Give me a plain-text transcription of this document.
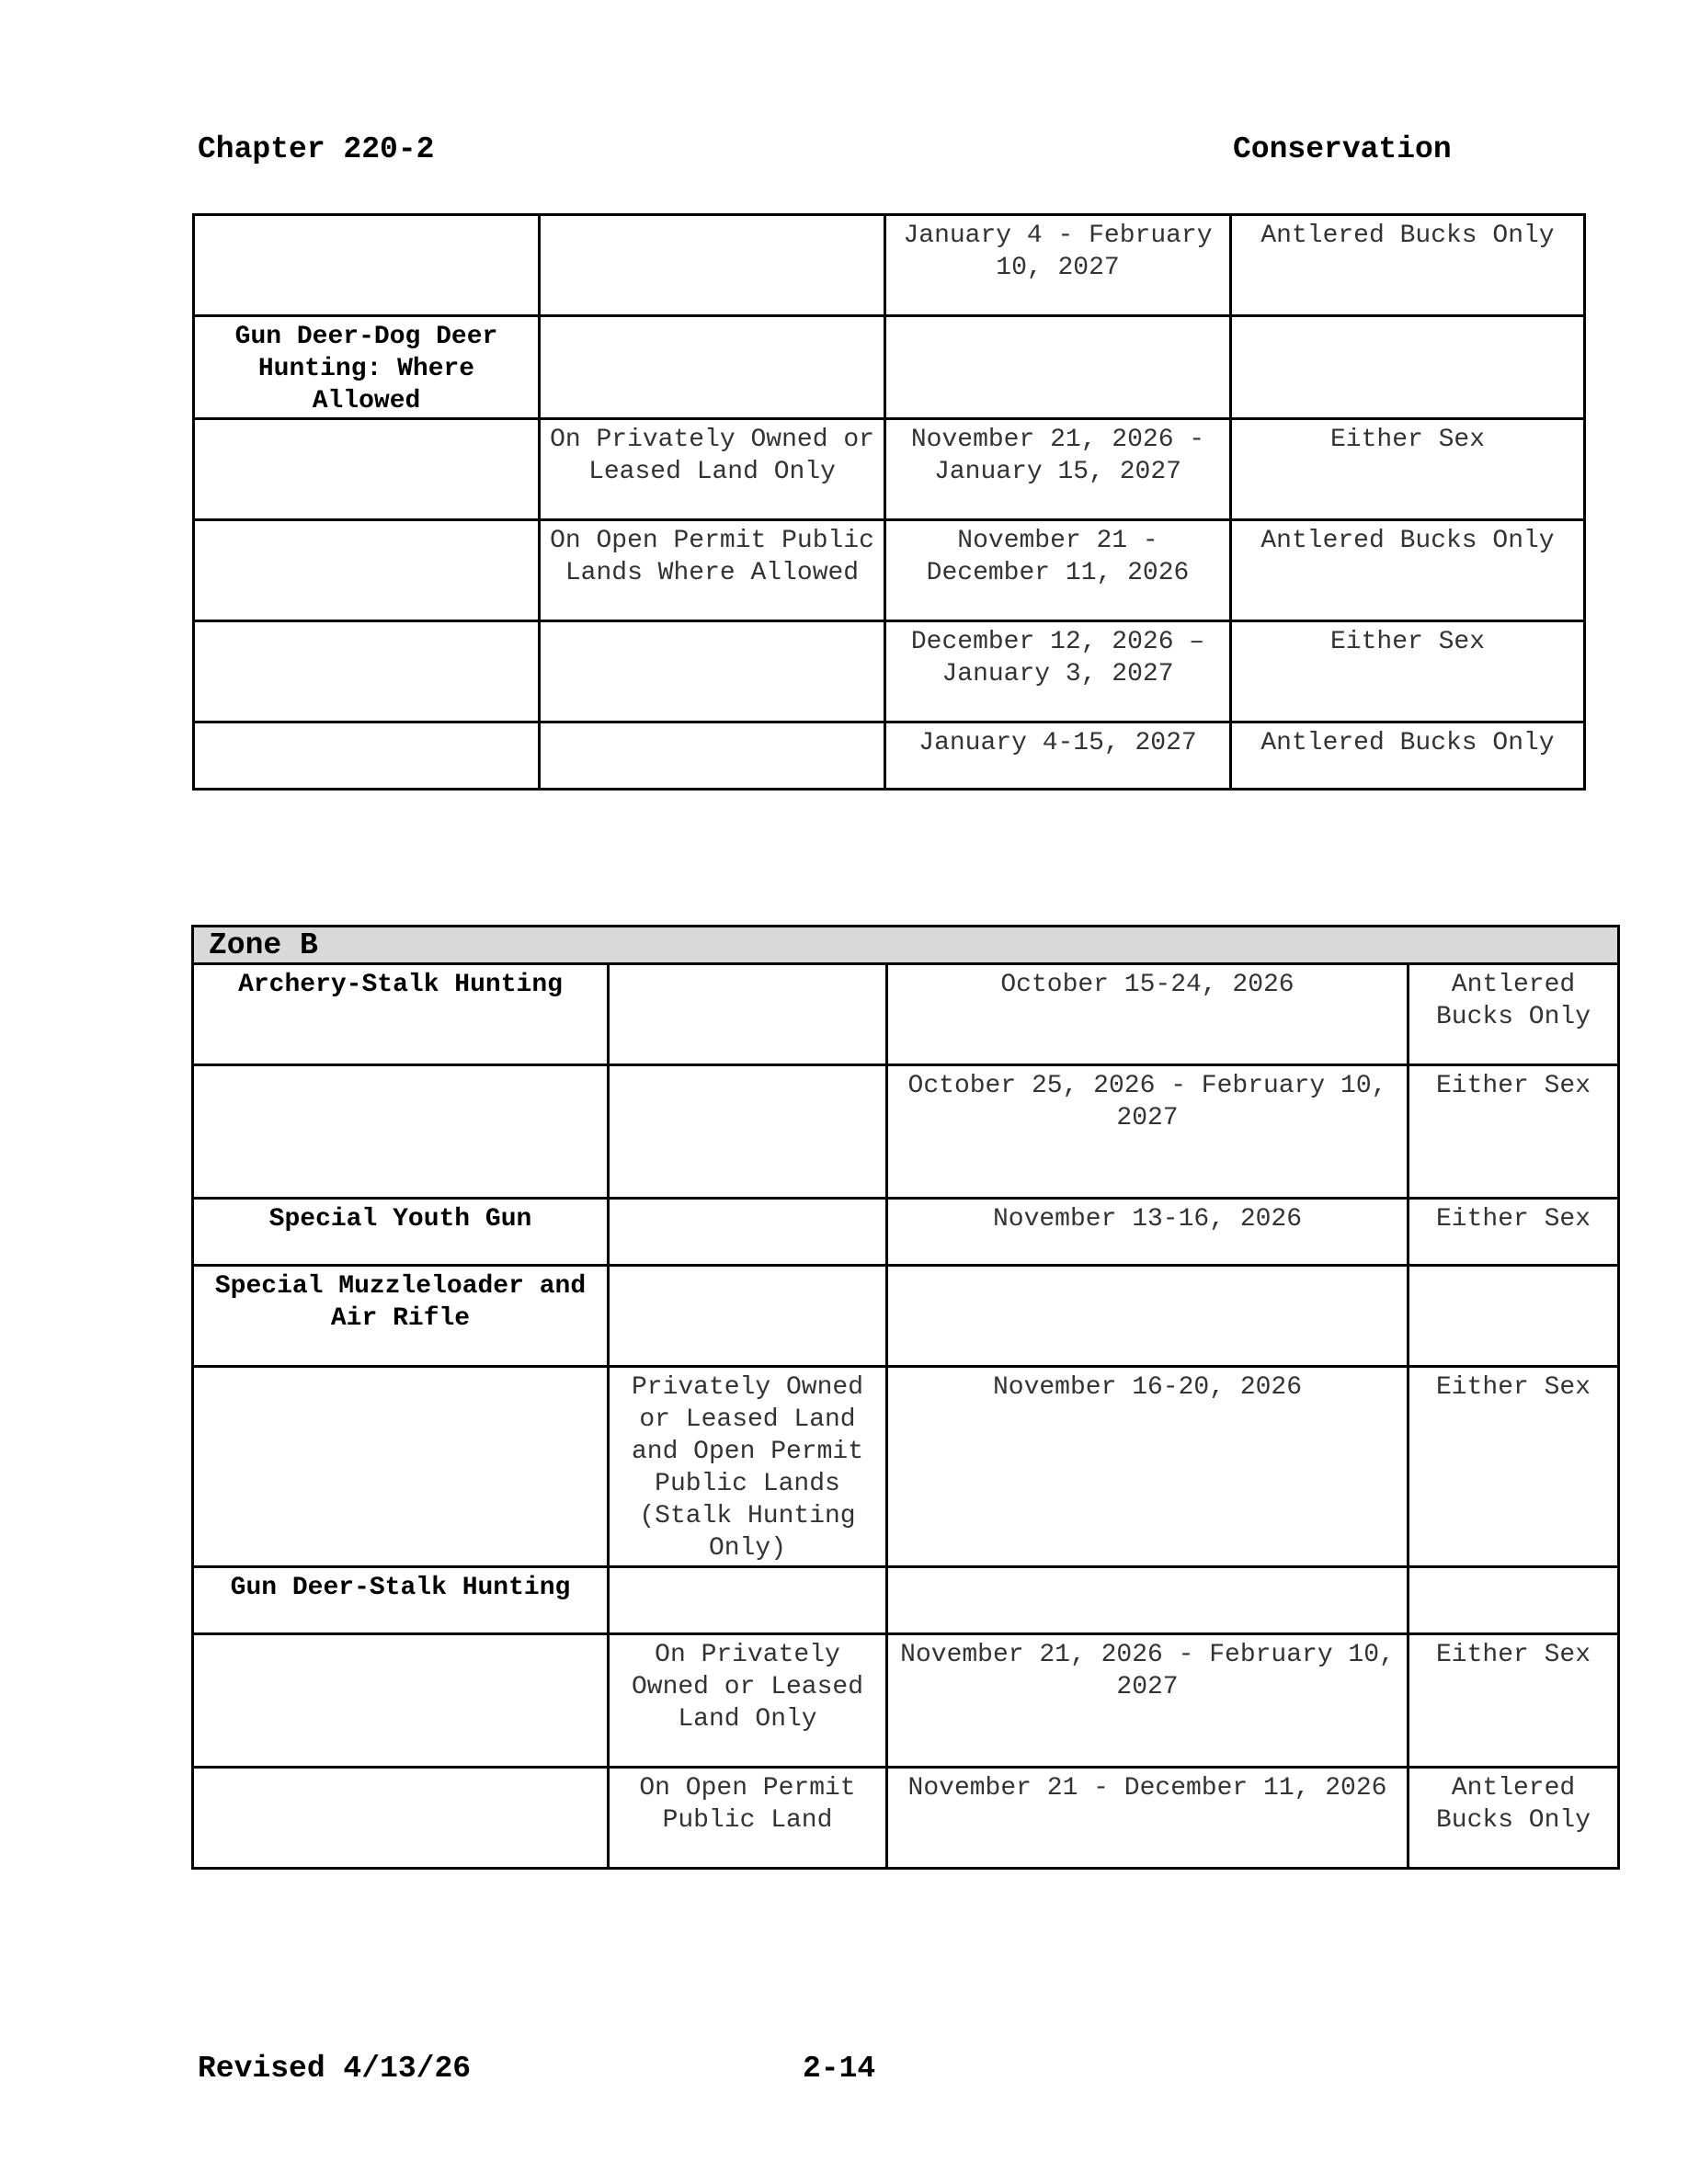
Chapter 220-2	Conservation
		January 4 - February 10, 2027	Antlered Bucks Only
Gun Deer-Dog Deer Hunting: Where Allowed			
	On Privately Owned or Leased Land Only	November 21, 2026 - January 15, 2027	Either Sex
	On Open Permit Public Lands Where Allowed	November 21 - December 11, 2026	Antlered Bucks Only
		December 12, 2026 – January 3, 2027	Either Sex
		January 4-15, 2027	Antlered Bucks Only
Zone B			
Archery-Stalk Hunting		October 15-24, 2026	Antlered Bucks Only
		October 25, 2026 - February 10, 2027	Either Sex
Special Youth Gun		November 13-16, 2026	Either Sex
Special Muzzleloader and Air Rifle			
	Privately Owned or Leased Land and Open Permit Public Lands (Stalk Hunting Only)	November 16-20, 2026	Either Sex
Gun Deer-Stalk Hunting			
	On Privately Owned or Leased Land Only	November 21, 2026 - February 10, 2027	Either Sex
	On Open Permit Public Land	November 21 - December 11, 2026	Antlered Bucks Only
Revised 4/13/26	2-14
